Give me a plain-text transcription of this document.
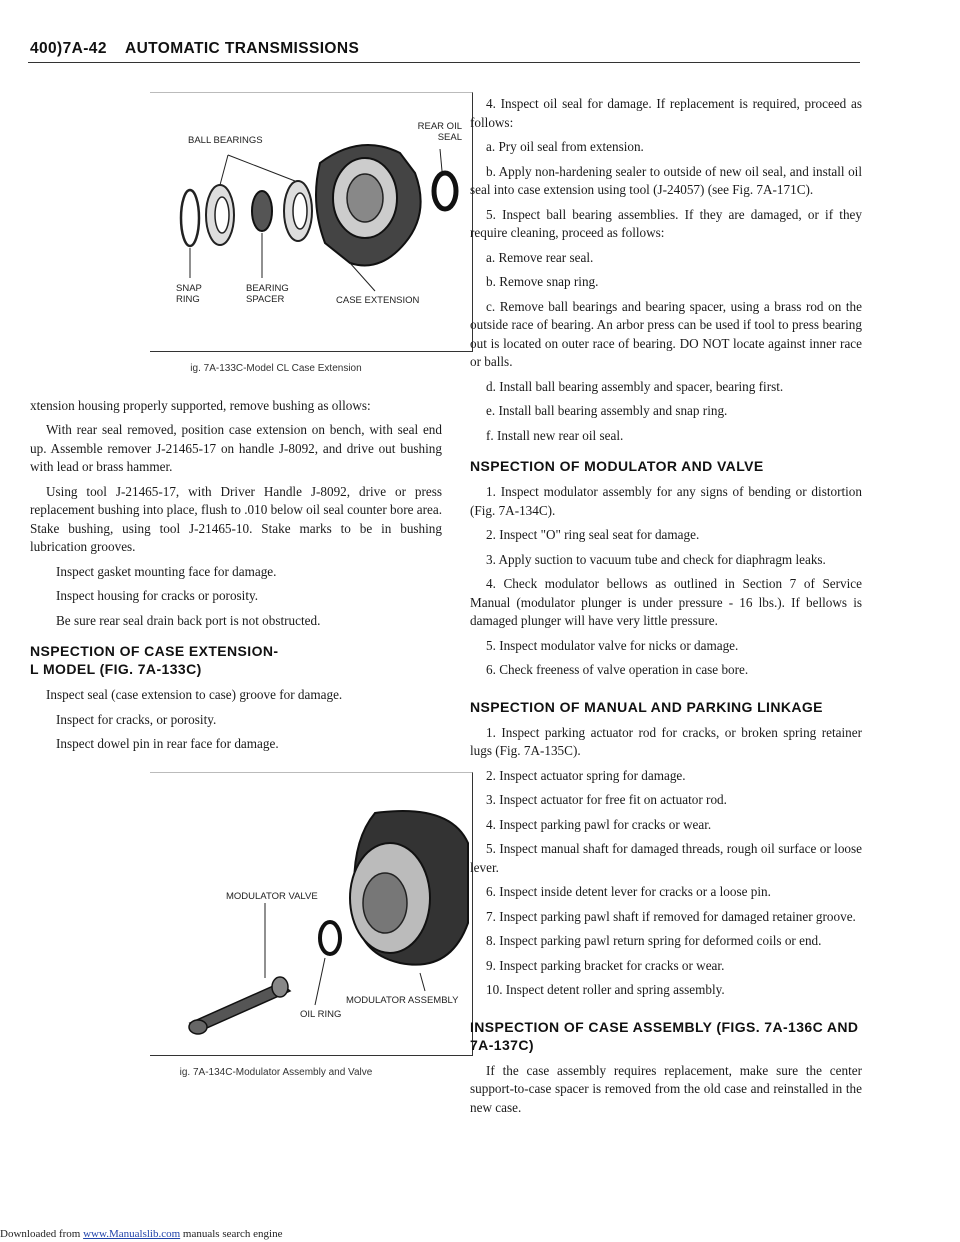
400)7A-42 AUTOMATIC TRANSMISSIONS
BALL BEARINGS
REAR OIL SEAL
SNAP RING
BEARING SPACER	CASE EXTENSION
ig. 7A-133C-Model CL Case Extension

xtension housing properly supported, remove bushing as ollows:

With rear seal removed, position case extension on bench, with seal end up. Assemble remover J-21465-17 on handle J-8092, and drive out bushing with lead or brass hammer.

Using tool J-21465-17, with Driver Handle J-8092, drive or press replacement bushing into place, flush to .010 below oil seal counter bore area. Stake bushing, using tool J-21465-10. Stake marks to be in bushing lubrication grooves.

Inspect gasket mounting face for damage.

Inspect housing for cracks or porosity.

Be sure rear seal drain back port is not obstructed.

NSPECTION OF CASE EXTENSION-
L MODEL (FIG. 7A-133C)

Inspect seal (case extension to case) groove for damage.

Inspect for cracks, or porosity.

Inspect dowel pin in rear face for damage.

MODULATOR VALVE
MODULATOR ASSEMBLY
OIL RING
ig. 7A-134C-Modulator Assembly and Valve

4. Inspect oil seal for damage. If replacement is required, proceed as follows:

a. Pry oil seal from extension.

b. Apply non-hardening sealer to outside of new oil seal, and install oil seal into case extension using tool (J-24057) (see Fig. 7A-171C).

5. Inspect ball bearing assemblies. If they are damaged, or if they require cleaning, proceed as follows:

a. Remove rear seal.

b. Remove snap ring.

c. Remove ball bearings and bearing spacer, using a brass rod on the outside race of bearing. An arbor press can be used if tool to press bearing out is located on outer race of bearing. DO NOT locate against inner race or balls.

d. Install ball bearing assembly and spacer, bearing first.

e. Install ball bearing assembly and snap ring.

f. Install new rear oil seal.

NSPECTION OF MODULATOR AND VALVE

1. Inspect modulator assembly for any signs of bending or distortion (Fig. 7A-134C).

2. Inspect "O" ring seal seat for damage.

3. Apply suction to vacuum tube and check for diaphragm leaks.

4. Check modulator bellows as outlined in Section 7 of Service Manual (modulator plunger is under pressure - 16 lbs.). If bellows is damaged plunger will have very little pressure.

5. Inspect modulator valve for nicks or damage.

6. Check freeness of valve operation in case bore.

NSPECTION OF MANUAL AND PARKING LINKAGE

1. Inspect parking actuator rod for cracks, or broken spring retainer lugs (Fig. 7A-135C).

2. Inspect actuator spring for damage.

3. Inspect actuator for free fit on actuator rod.

4. Inspect parking pawl for cracks or wear.

5. Inspect manual shaft for damaged threads, rough oil surface or loose lever.

6. Inspect inside detent lever for cracks or a loose pin.

7. Inspect parking pawl shaft if removed for damaged retainer groove.

8. Inspect parking pawl return spring for deformed coils or end.

9. Inspect parking bracket for cracks or wear.

10. Inspect detent roller and spring assembly.

INSPECTION OF CASE ASSEMBLY (FIGS. 7A-136C AND 7A-137C)

If the case assembly requires replacement, make sure the center support-to-case spacer is removed from the old case and reinstalled in the new case.

Downloaded from www.Manualslib.com manuals search engine
